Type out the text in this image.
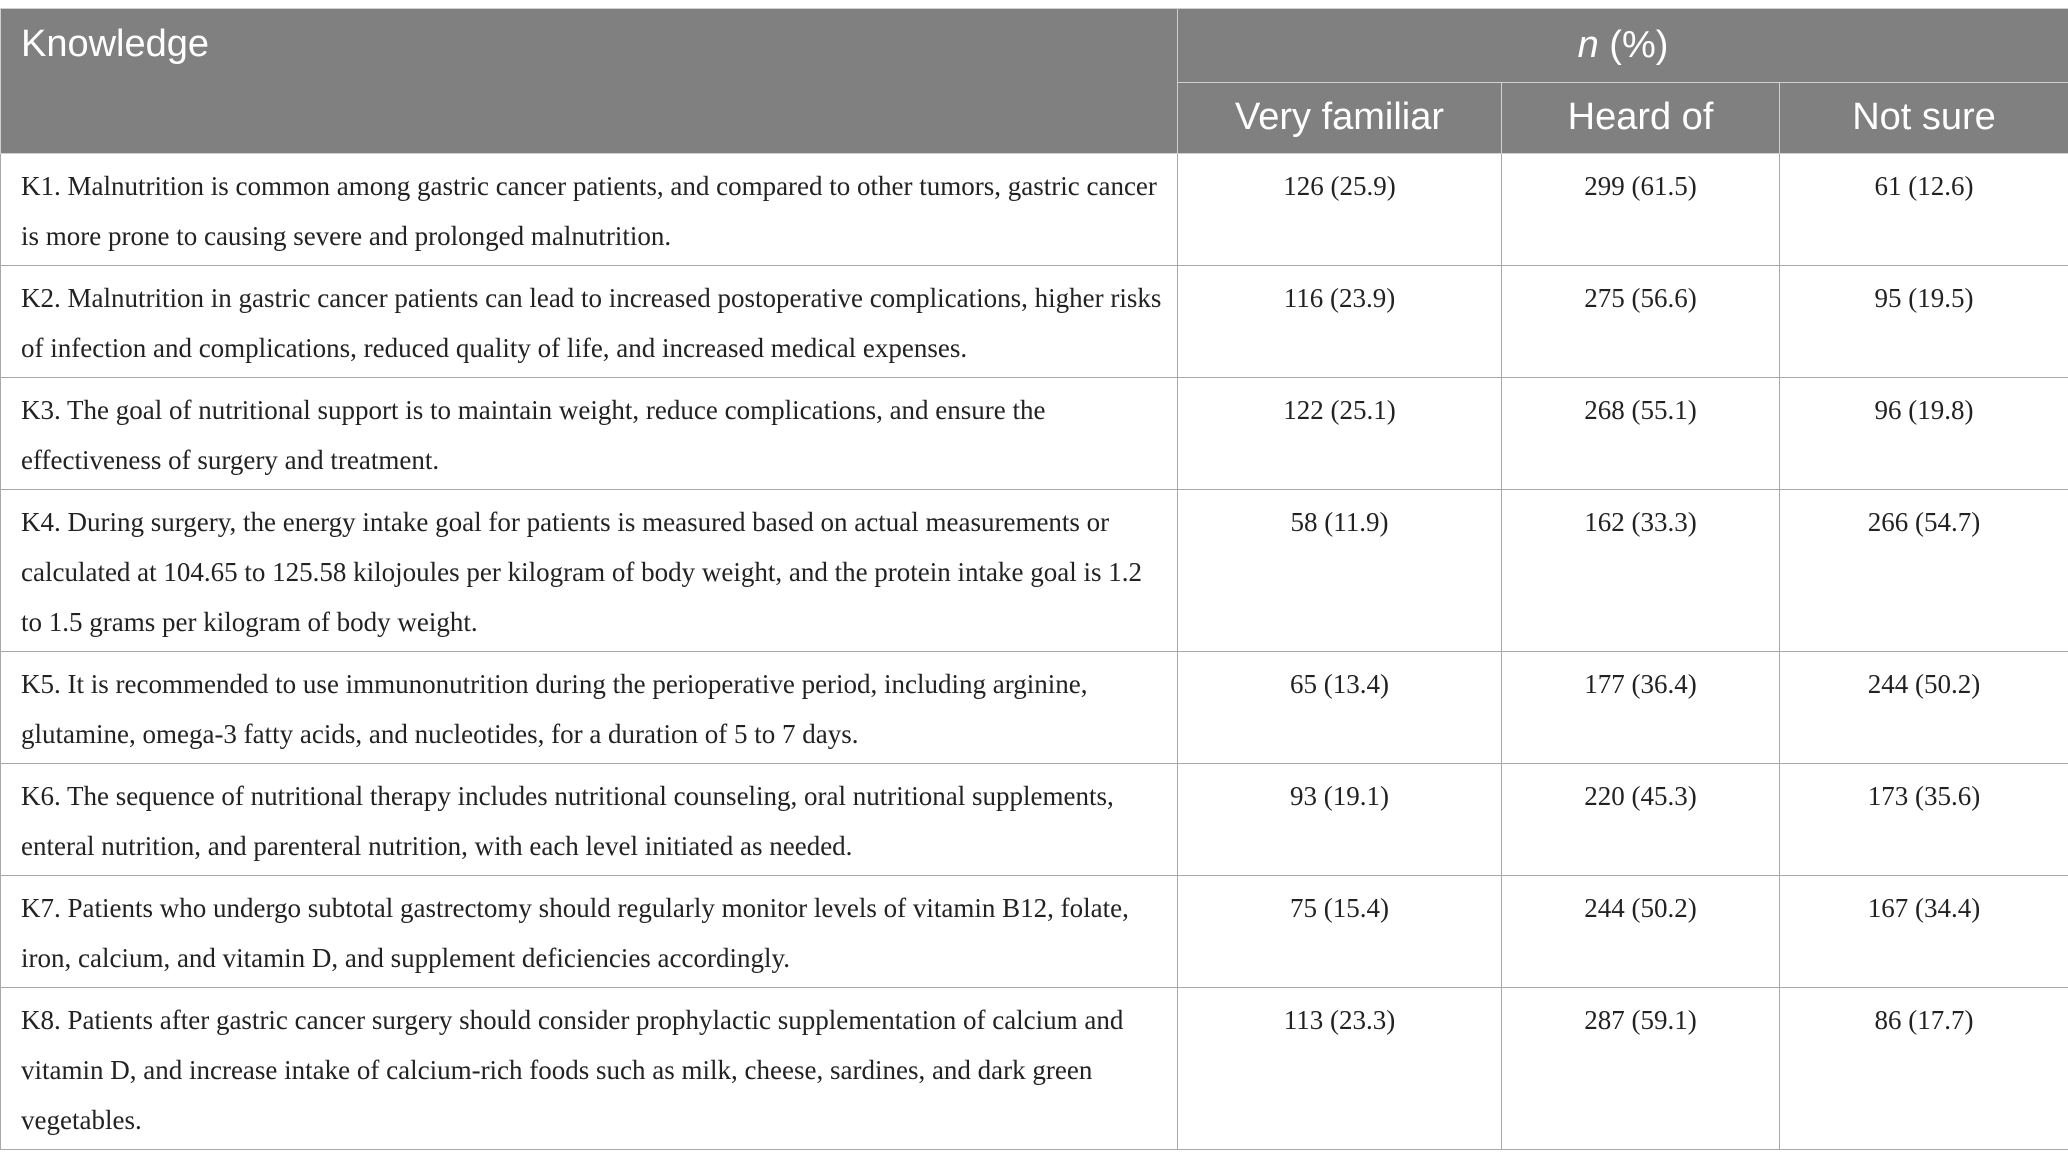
Knowledge	n (%)		
	Very familiar	Heard of	Not sure
K1. Malnutrition is common among gastric cancer patients, and compared to other tumors, gastric cancer is more prone to causing severe and prolonged malnutrition.	126 (25.9)	299 (61.5)	61 (12.6)
K2. Malnutrition in gastric cancer patients can lead to increased postoperative complications, higher risks of infection and complications, reduced quality of life, and increased medical expenses.	116 (23.9)	275 (56.6)	95 (19.5)
K3. The goal of nutritional support is to maintain weight, reduce complications, and ensure the effectiveness of surgery and treatment.	122 (25.1)	268 (55.1)	96 (19.8)
K4. During surgery, the energy intake goal for patients is measured based on actual measurements or calculated at 104.65 to 125.58 kilojoules per kilogram of body weight, and the protein intake goal is 1.2 to 1.5 grams per kilogram of body weight.	58 (11.9)	162 (33.3)	266 (54.7)
K5. It is recommended to use immunonutrition during the perioperative period, including arginine, glutamine, omega-3 fatty acids, and nucleotides, for a duration of 5 to 7 days.	65 (13.4)	177 (36.4)	244 (50.2)
K6. The sequence of nutritional therapy includes nutritional counseling, oral nutritional supplements, enteral nutrition, and parenteral nutrition, with each level initiated as needed.	93 (19.1)	220 (45.3)	173 (35.6)
K7. Patients who undergo subtotal gastrectomy should regularly monitor levels of vitamin B12, folate, iron, calcium, and vitamin D, and supplement deficiencies accordingly.	75 (15.4)	244 (50.2)	167 (34.4)
K8. Patients after gastric cancer surgery should consider prophylactic supplementation of calcium and vitamin D, and increase intake of calcium-rich foods such as milk, cheese, sardines, and dark green vegetables.	113 (23.3)	287 (59.1)	86 (17.7)
